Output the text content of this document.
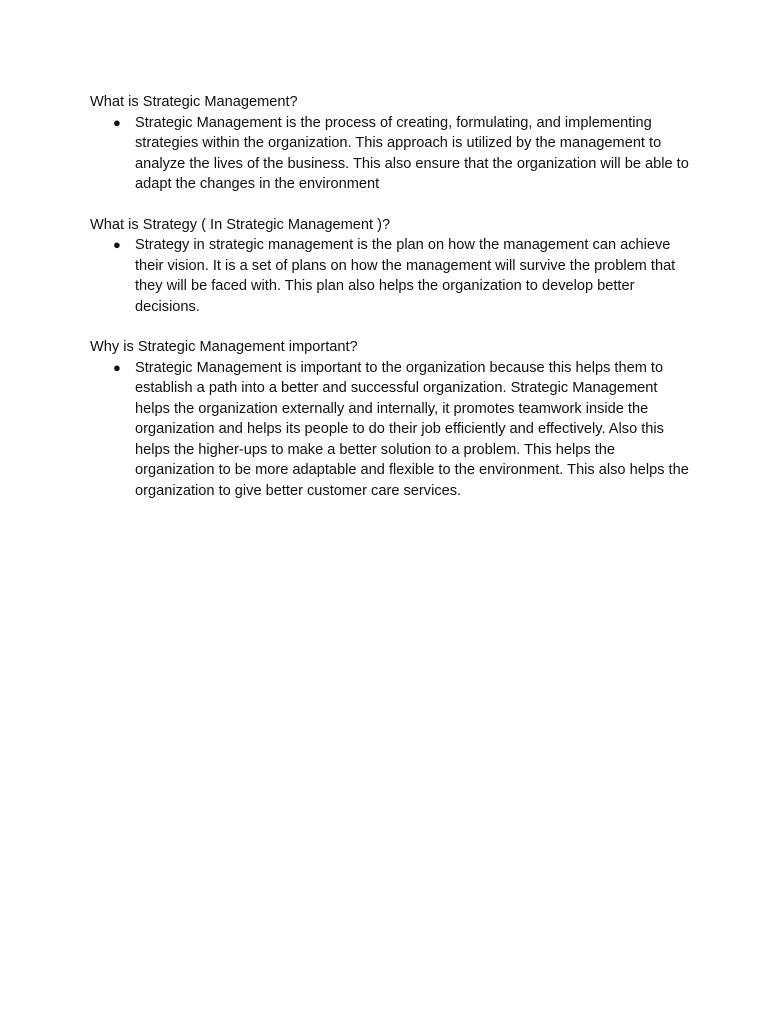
What is Strategic Management?

● Strategic Management is the process of creating, formulating, and implementing strategies within the organization. This approach is utilized by the management to analyze the lives of the business. This also ensure that the organization will be able to adapt the changes in the environment

What is Strategy ( In Strategic Management )?

● Strategy in strategic management is the plan on how the management can achieve their vision. It is a set of plans on how the management will survive the problem that they will be faced with. This plan also helps the organization to develop better decisions.

Why is Strategic Management important?

● Strategic Management is important to the organization because this helps them to establish a path into a better and successful organization. Strategic Management helps the organization externally and internally, it promotes teamwork inside the organization and helps its people to do their job efficiently and effectively. Also this helps the higher-ups to make a better solution to a problem. This helps the organization to be more adaptable and flexible to the environment. This also helps the organization to give better customer care services.
